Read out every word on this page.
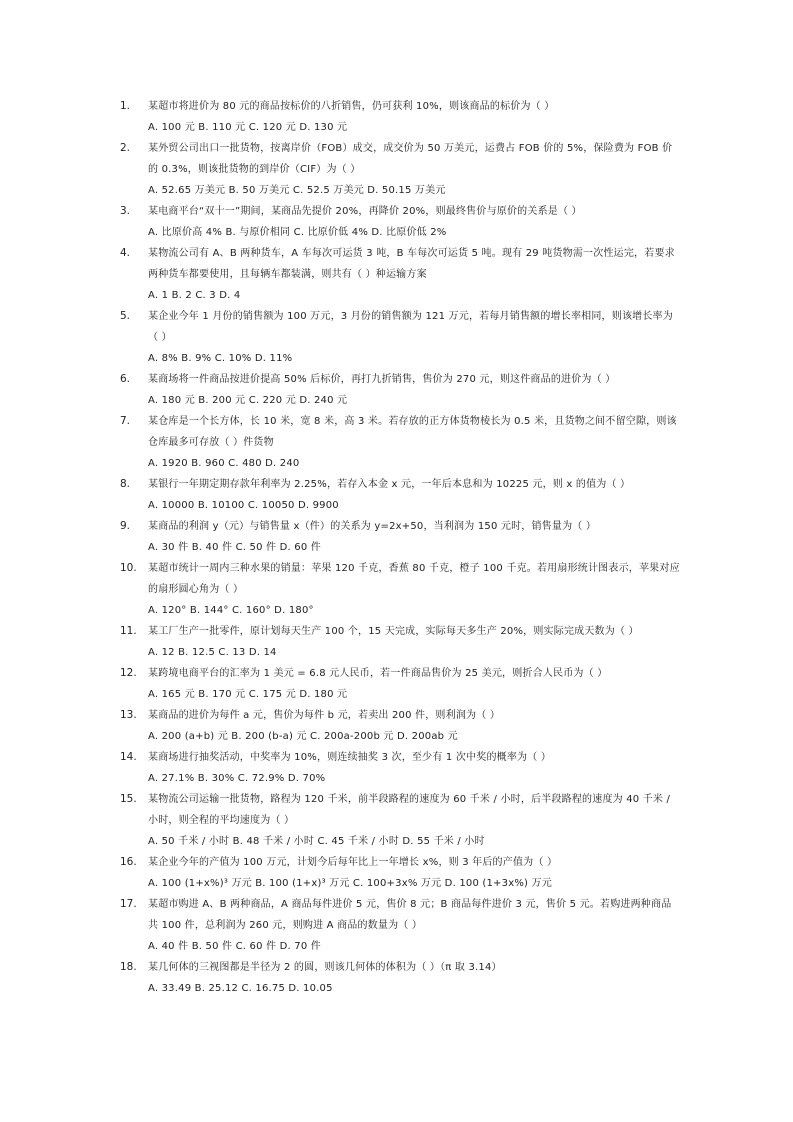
1. 某超市将进价为 80 元的商品按标价的八折销售，仍可获利 10%，则该商品的标价为（ ）
A. 100 元 B. 110 元 C. 120 元 D. 130 元
2. 某外贸公司出口一批货物，按离岸价（FOB）成交，成交价为 50 万美元，运费占 FOB 价的 5%，保险费为 FOB 价的 0.3%，则该批货物的到岸价（CIF）为（ ）
A. 52.65 万美元 B. 50 万美元 C. 52.5 万美元 D. 50.15 万美元
3. 某电商平台“双十一”期间，某商品先提价 20%，再降价 20%，则最终售价与原价的关系是（ ）
A. 比原价高 4% B. 与原价相同 C. 比原价低 4% D. 比原价低 2%
4. 某物流公司有 A、B 两种货车，A 车每次可运货 3 吨，B 车每次可运货 5 吨。现有 29 吨货物需一次性运完，若要求两种货车都要使用，且每辆车都装满，则共有（ ）种运输方案
A. 1 B. 2 C. 3 D. 4
5. 某企业今年 1 月份的销售额为 100 万元，3 月份的销售额为 121 万元，若每月销售额的增长率相同，则该增长率为（ ）
A. 8% B. 9% C. 10% D. 11%
6. 某商场将一件商品按进价提高 50% 后标价，再打九折销售，售价为 270 元，则这件商品的进价为（ ）
A. 180 元 B. 200 元 C. 220 元 D. 240 元
7. 某仓库是一个长方体，长 10 米，宽 8 米，高 3 米。若存放的正方体货物棱长为 0.5 米，且货物之间不留空隙，则该仓库最多可存放（ ）件货物
A. 1920 B. 960 C. 480 D. 240
8. 某银行一年期定期存款年利率为 2.25%，若存入本金 x 元，一年后本息和为 10225 元，则 x 的值为（ ）
A. 10000 B. 10100 C. 10050 D. 9900
9. 某商品的利润 y（元）与销售量 x（件）的关系为 y=2x+50，当利润为 150 元时，销售量为（ ）
A. 30 件 B. 40 件 C. 50 件 D. 60 件
10. 某超市统计一周内三种水果的销量：苹果 120 千克，香蕉 80 千克，橙子 100 千克。若用扇形统计图表示，苹果对应的扇形圆心角为（ ）
A. 120° B. 144° C. 160° D. 180°
11. 某工厂生产一批零件，原计划每天生产 100 个，15 天完成，实际每天多生产 20%，则实际完成天数为（ ）
A. 12 B. 12.5 C. 13 D. 14
12. 某跨境电商平台的汇率为 1 美元 = 6.8 元人民币，若一件商品售价为 25 美元，则折合人民币为（ ）
A. 165 元 B. 170 元 C. 175 元 D. 180 元
13. 某商品的进价为每件 a 元，售价为每件 b 元，若卖出 200 件，则利润为（ ）
A. 200 (a+b) 元 B. 200 (b-a) 元 C. 200a-200b 元 D. 200ab 元
14. 某商场进行抽奖活动，中奖率为 10%，则连续抽奖 3 次，至少有 1 次中奖的概率为（ ）
A. 27.1% B. 30% C. 72.9% D. 70%
15. 某物流公司运输一批货物，路程为 120 千米，前半段路程的速度为 60 千米 / 小时，后半段路程的速度为 40 千米 / 小时，则全程的平均速度为（ ）
A. 50 千米 / 小时 B. 48 千米 / 小时 C. 45 千米 / 小时 D. 55 千米 / 小时
16. 某企业今年的产值为 100 万元，计划今后每年比上一年增长 x%，则 3 年后的产值为（ ）
A. 100 (1+x%)³ 万元 B. 100 (1+x)³ 万元 C. 100+3x% 万元 D. 100 (1+3x%) 万元
17. 某超市购进 A、B 两种商品，A 商品每件进价 5 元，售价 8 元；B 商品每件进价 3 元，售价 5 元。若购进两种商品共 100 件，总利润为 260 元，则购进 A 商品的数量为（ ）
A. 40 件 B. 50 件 C. 60 件 D. 70 件
18. 某几何体的三视图都是半径为 2 的圆，则该几何体的体积为（ ）（π 取 3.14）
A. 33.49 B. 25.12 C. 16.75 D. 10.05
